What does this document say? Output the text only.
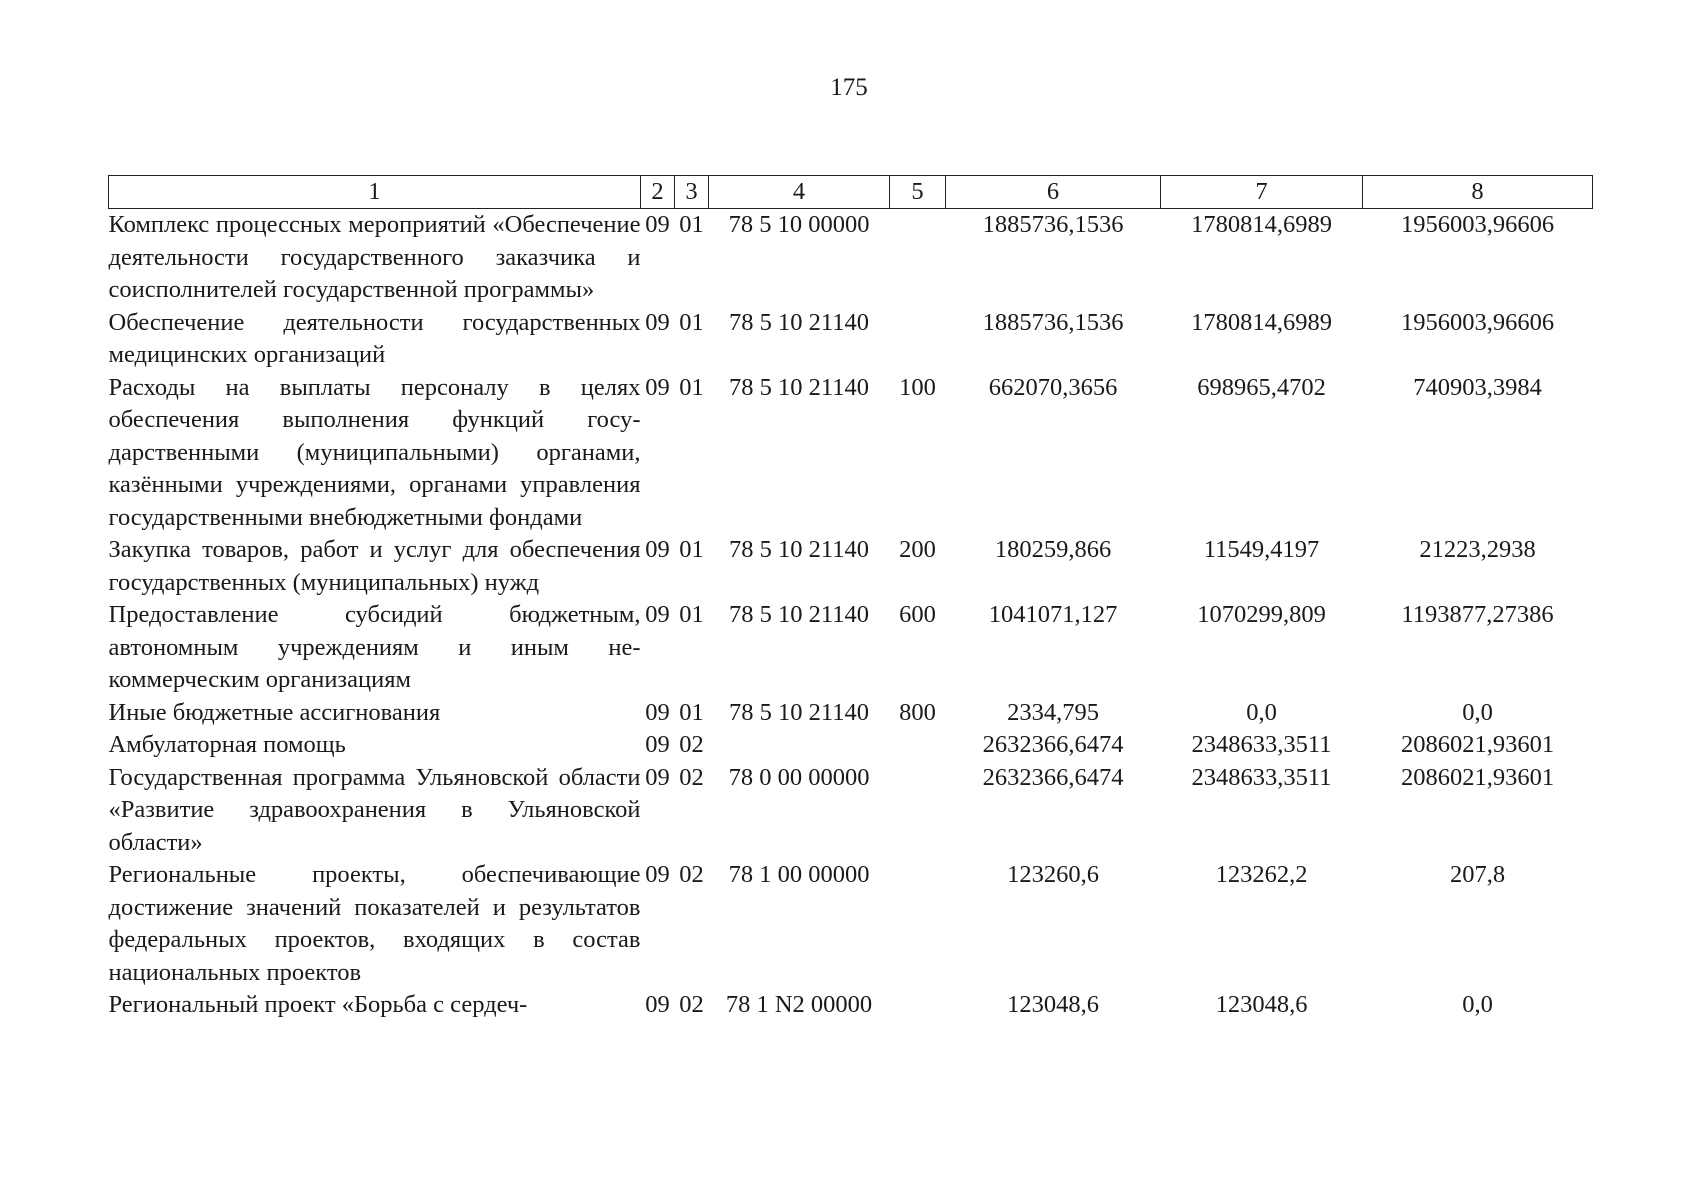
175
1	2	3	4	5	6	7	8
Комплекс процессных мероприятий «Обеспечение деятельности государственного заказчика и соисполнителей государственной программы»	09	01	78 5 10 00000		1885736,1536	1780814,6989	1956003,96606
Обеспечение деятельности государственных медицинских организаций	09	01	78 5 10 21140		1885736,1536	1780814,6989	1956003,96606
Расходы на выплаты персоналу в целях обеспечения выполнения функций государственными (муниципальными) органами, казёнными учреждениями, органами управления государственными внебюджетными фондами	09	01	78 5 10 21140	100	662070,3656	698965,4702	740903,3984
Закупка товаров, работ и услуг для обеспечения государственных (муниципальных) нужд	09	01	78 5 10 21140	200	180259,866	11549,4197	21223,2938
Предоставление субсидий бюджетным, автономным учреждениям и иным некоммерческим организациям	09	01	78 5 10 21140	600	1041071,127	1070299,809	1193877,27386
Иные бюджетные ассигнования	09	01	78 5 10 21140	800	2334,795	0,0	0,0
Амбулаторная помощь	09	02			2632366,6474	2348633,3511	2086021,93601
Государственная программа Ульяновской области «Развитие здравоохранения в Ульяновской области»	09	02	78 0 00 00000		2632366,6474	2348633,3511	2086021,93601
Региональные проекты, обеспечивающие достижение значений показателей и результатов федеральных проектов, входящих в состав национальных проектов	09	02	78 1 00 00000		123260,6	123262,2	207,8
Региональный проект «Борьба с сердеч-	09	02	78 1 N2 00000		123048,6	123048,6	0,0
